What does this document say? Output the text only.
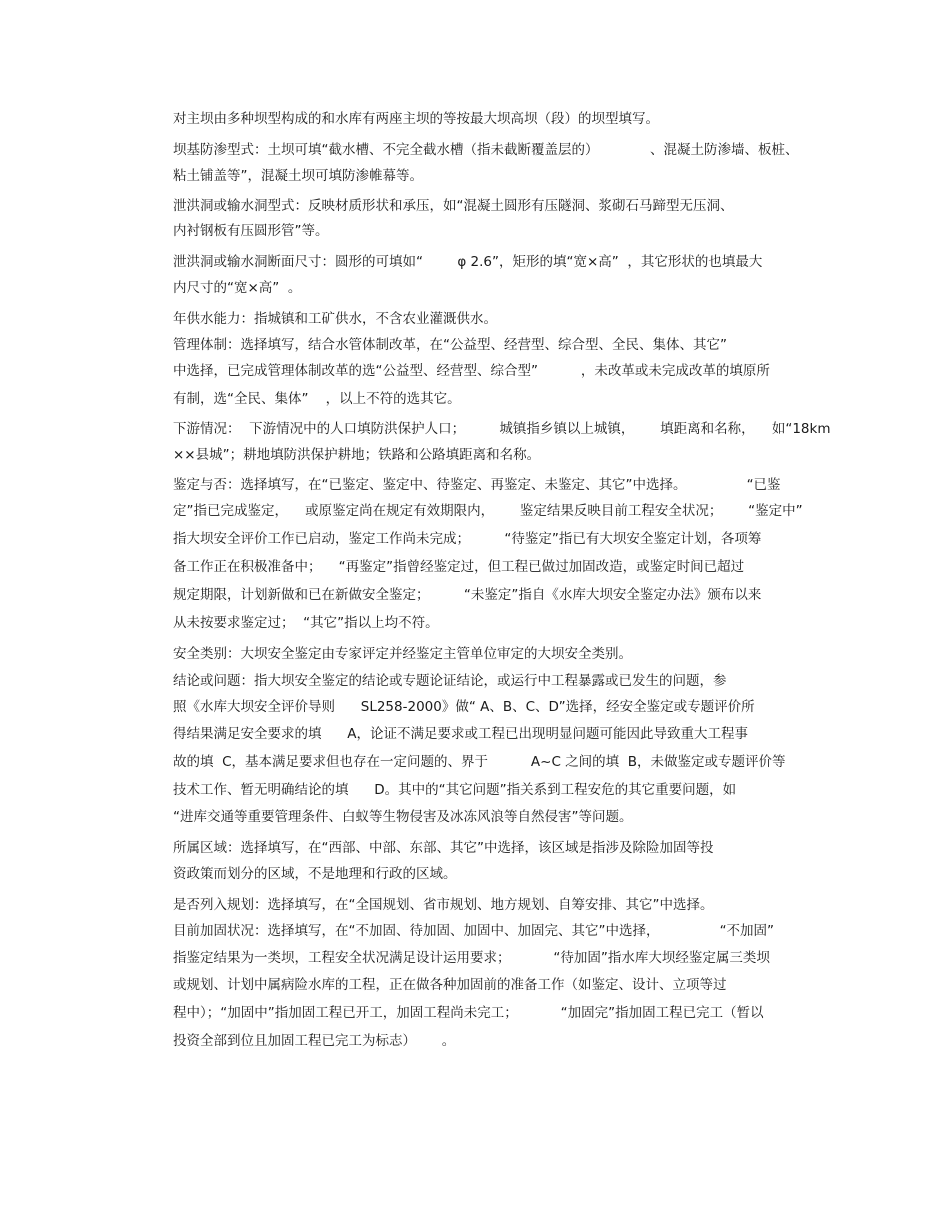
对主坝由多种坝型构成的和水库有两座主坝的等按最大坝高坝（段）的坝型填写。
坝基防渗型式：土坝可填“截水槽、不完全截水槽（指未截断覆盖层的）            、混凝土防渗墙、板桩、
粘土铺盖等”，混凝土坝可填防渗帷幕等。
泄洪洞或输水洞型式：反映材质形状和承压，如“混凝土圆形有压隧洞、浆砌石马蹄型无压洞、
内衬钢板有压圆形管”等。
泄洪洞或输水洞断面尺寸：圆形的可填如“        φ 2.6”，矩形的填“宽×高”  ，其它形状的也填最大
内尺寸的“宽×高”  。
年供水能力：指城镇和工矿供水，不含农业灌溉供水。
管理体制：选择填写，结合水管体制改革，在“公益型、经营型、综合型、全民、集体、其它”
中选择，已完成管理体制改革的选“公益型、经营型、综合型”          ，未改革或未完成改革的填原所
有制，选“全民、集体”    ，以上不符的选其它。
下游情况：  下游情况中的人口填防洪保护人口；        城镇指乡镇以上城镇，      填距离和名称，    如“18km
××县城”；耕地填防洪保护耕地；铁路和公路填距离和名称。
鉴定与否：选择填写，在“已鉴定、鉴定中、待鉴定、再鉴定、未鉴定、其它”中选择。              “已鉴
定”指已完成鉴定，    或原鉴定尚在规定有效期限内，      鉴定结果反映目前工程安全状况；      “鉴定中”
指大坝安全评价工作已启动，鉴定工作尚未完成；        “待鉴定”指已有大坝安全鉴定计划，各项筹
备工作正在积极准备中；    “再鉴定”指曾经鉴定过，但工程已做过加固改造，或鉴定时间已超过
规定期限，计划新做和已在新做安全鉴定；        “未鉴定”指自《水库大坝安全鉴定办法》颁布以来
从未按要求鉴定过；  “其它”指以上均不符。
安全类别：大坝安全鉴定由专家评定并经鉴定主管单位审定的大坝安全类别。
结论或问题：指大坝安全鉴定的结论或专题论证结论，或运行中工程暴露或已发生的问题，参
照《水库大坝安全评价导则      SL258-2000》做“ A、B、C、D”选择，经安全鉴定或专题评价所
得结果满足安全要求的填      A，论证不满足要求或工程已出现明显问题可能因此导致重大工程事
故的填  C，基本满足要求但也存在一定问题的、界于          A~C 之间的填  B，未做鉴定或专题评价等
技术工作、暂无明确结论的填      D。其中的“其它问题”指关系到工程安危的其它重要问题，如
“进库交通等重要管理条件、白蚁等生物侵害及冰冻风浪等自然侵害”等问题。
所属区域：选择填写，在“西部、中部、东部、其它”中选择，该区域是指涉及除险加固等投
资政策而划分的区域，不是地理和行政的区域。
是否列入规划：选择填写，在“全国规划、省市规划、地方规划、自筹安排、其它”中选择。
目前加固状况：选择填写，在“不加固、待加固、加固中、加固完、其它”中选择，              “不加固”
指鉴定结果为一类坝，工程安全状况满足设计运用要求；          “待加固”指水库大坝经鉴定属三类坝
或规划、计划中属病险水库的工程，正在做各种加固前的准备工作（如鉴定、设计、立项等过
程中）；“加固中”指加固工程已开工，加固工程尚未完工；          “加固完”指加固工程已完工（暂以
投资全部到位且加固工程已完工为标志）      。
